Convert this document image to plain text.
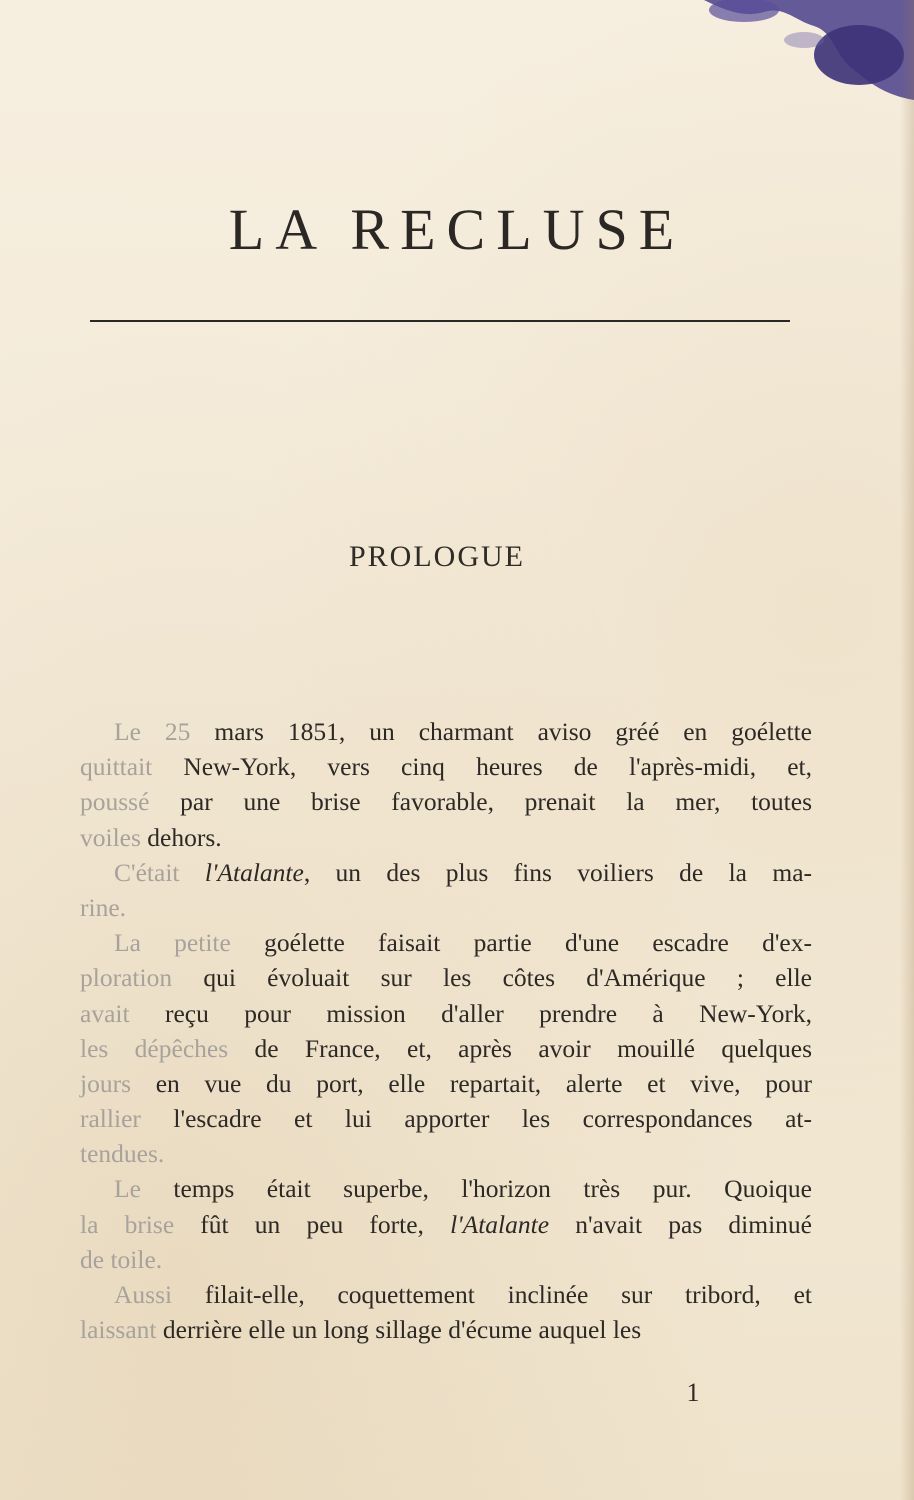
LA RECLUSE
PROLOGUE
Le 25 mars 1851, un charmant aviso gréé en goélette
quittait New-York, vers cinq heures de l'après-midi, et,
poussé par une brise favorable, prenait la mer, toutes
voiles dehors.
C'était l'Atalante, un des plus fins voiliers de la ma-
rine.
La petite goélette faisait partie d'une escadre d'ex-
ploration qui évoluait sur les côtes d'Amérique ; elle
avait reçu pour mission d'aller prendre à New-York,
les dépêches de France, et, après avoir mouillé quelques
jours en vue du port, elle repartait, alerte et vive, pour
rallier l'escadre et lui apporter les correspondances at-
tendues.
Le temps était superbe, l'horizon très pur. Quoique
la brise fût un peu forte, l'Atalante n'avait pas diminué
de toile.
Aussi filait-elle, coquettement inclinée sur tribord, et
laissant derrière elle un long sillage d'écume auquel les
1
